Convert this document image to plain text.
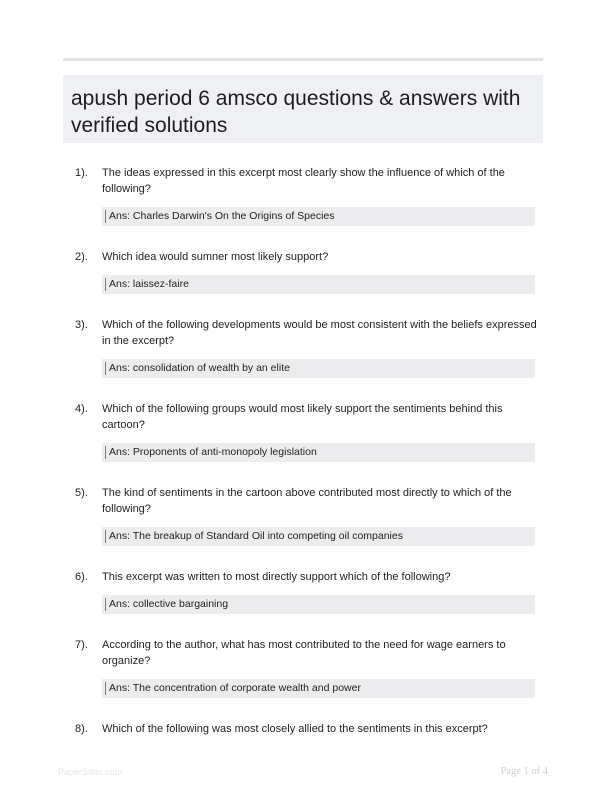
apush period 6 amsco questions & answers with verified solutions
1). The ideas expressed in this excerpt most clearly show the influence of which of the following?
Ans: Charles Darwin's On the Origins of Species
2). Which idea would sumner most likely support?
Ans: laissez-faire
3). Which of the following developments would be most consistent with the beliefs expressed in the excerpt?
Ans: consolidation of wealth by an elite
4). Which of the following groups would most likely support the sentiments behind this cartoon?
Ans: Proponents of anti-monopoly legislation
5). The kind of sentiments in the cartoon above contributed most directly to which of the following?
Ans: The breakup of Standard Oil into competing oil companies
6). This excerpt was written to most directly support which of the following?
Ans: collective bargaining
7). According to the author, what has most contributed to the need for wage earners to organize?
Ans: The concentration of corporate wealth and power
8). Which of the following was most closely allied to the sentiments in this excerpt?
PaperSitter.com	Page 1 of 4
